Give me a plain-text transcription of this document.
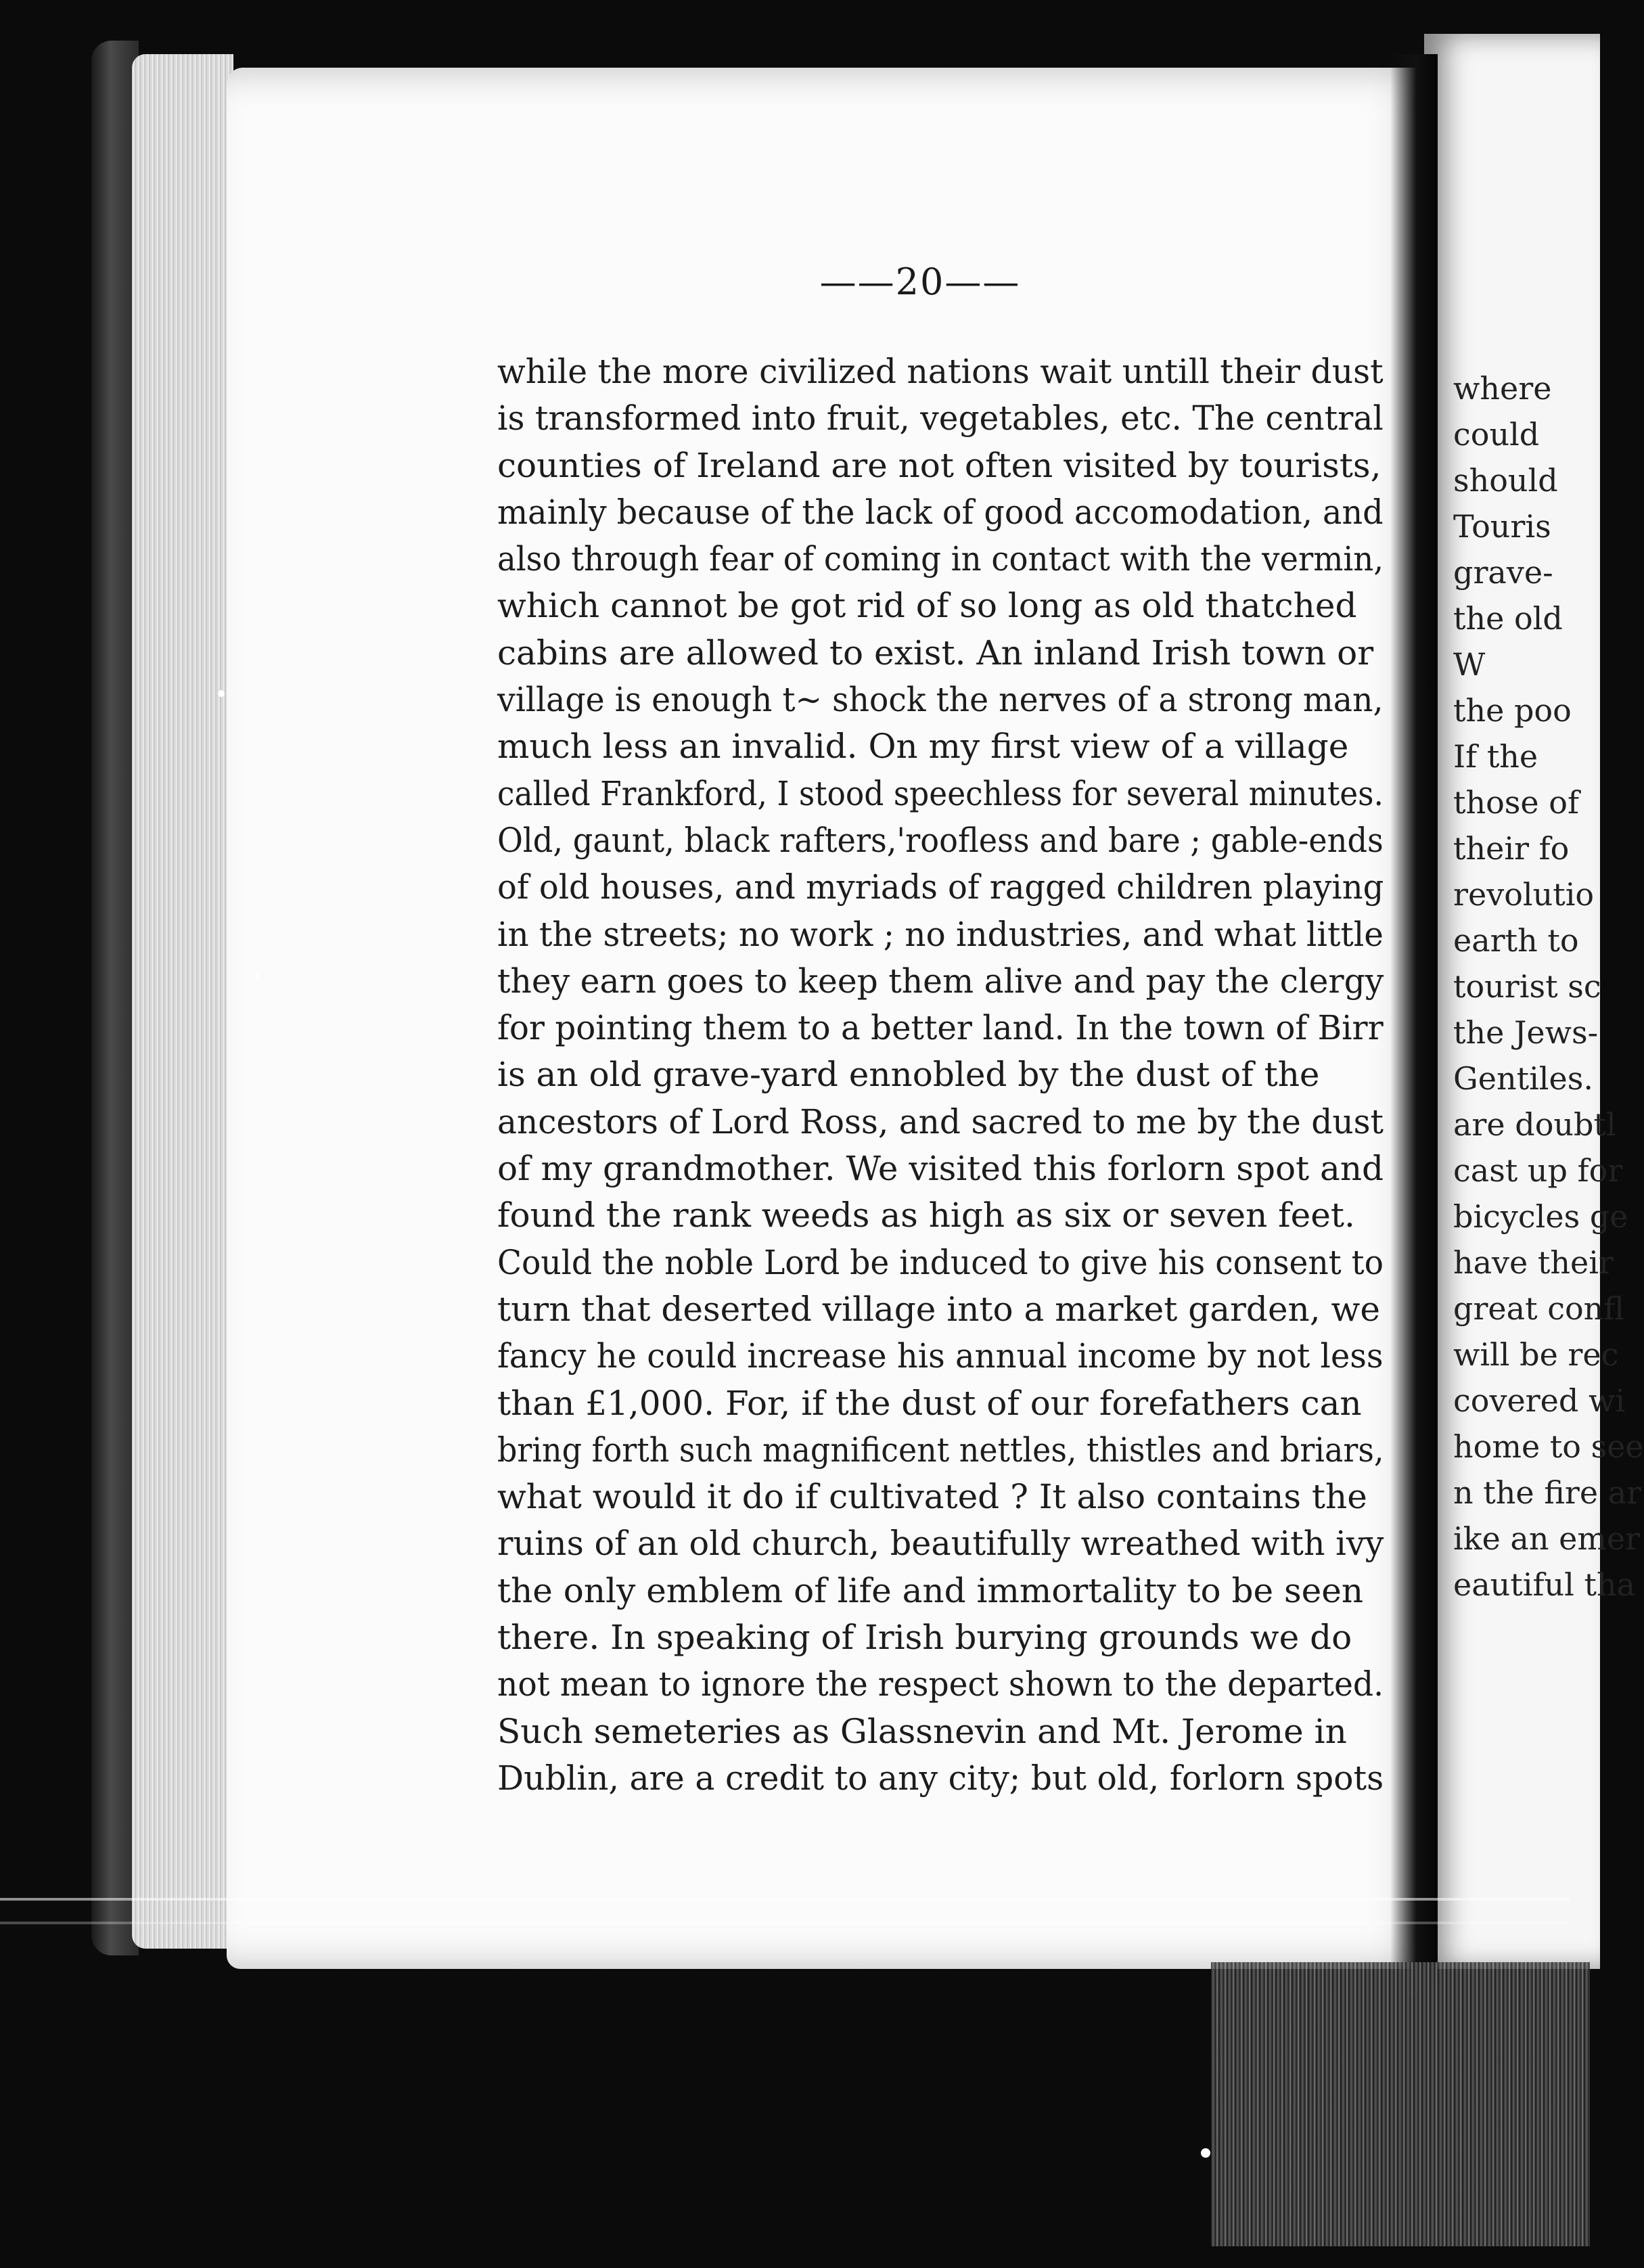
——20——
while the more civilized nations wait untill their dust
is transformed into fruit, vegetables, etc. The central
counties of Ireland are not often visited by tourists,
mainly because of the lack of good accomodation, and
also through fear of coming in contact with the vermin,
which cannot be got rid of so long as old thatched
cabins are allowed to exist. An inland Irish town or
village is enough t~ shock the nerves of a strong man,
much less an invalid. On my first view of a village
called Frankford, I stood speechless for several minutes.
Old, gaunt, black rafters,'roofless and bare ; gable-ends
of old houses, and myriads of ragged children playing
in the streets; no work ; no industries, and what little
they earn goes to keep them alive and pay the clergy
for pointing them to a better land. In the town of Birr
is an old grave-yard ennobled by the dust of the
ancestors of Lord Ross, and sacred to me by the dust
of my grandmother. We visited this forlorn spot and
found the rank weeds as high as six or seven feet.
Could the noble Lord be induced to give his consent to
turn that deserted village into a market garden, we
fancy he could increase his annual income by not less
than £1,000. For, if the dust of our forefathers can
bring forth such magnificent nettles, thistles and briars,
what would it do if cultivated ? It also contains the
ruins of an old church, beautifully wreathed with ivy
the only emblem of life and immortality to be seen
there. In speaking of Irish burying grounds we do
not mean to ignore the respect shown to the departed.
Such semeteries as Glassnevin and Mt. Jerome in
Dublin, are a credit to any city; but old, forlorn spots
where
could
should
Touris
grave-
the old
W
the poo
If the
those of
their fo
revolutio
earth to
tourist sc
the Jews-
Gentiles.
are doubtl
cast up for
bicycles ge
have their
great confl
will be rec
covered wi
home to see
n the fire ar
ike an emer
eautiful tha
